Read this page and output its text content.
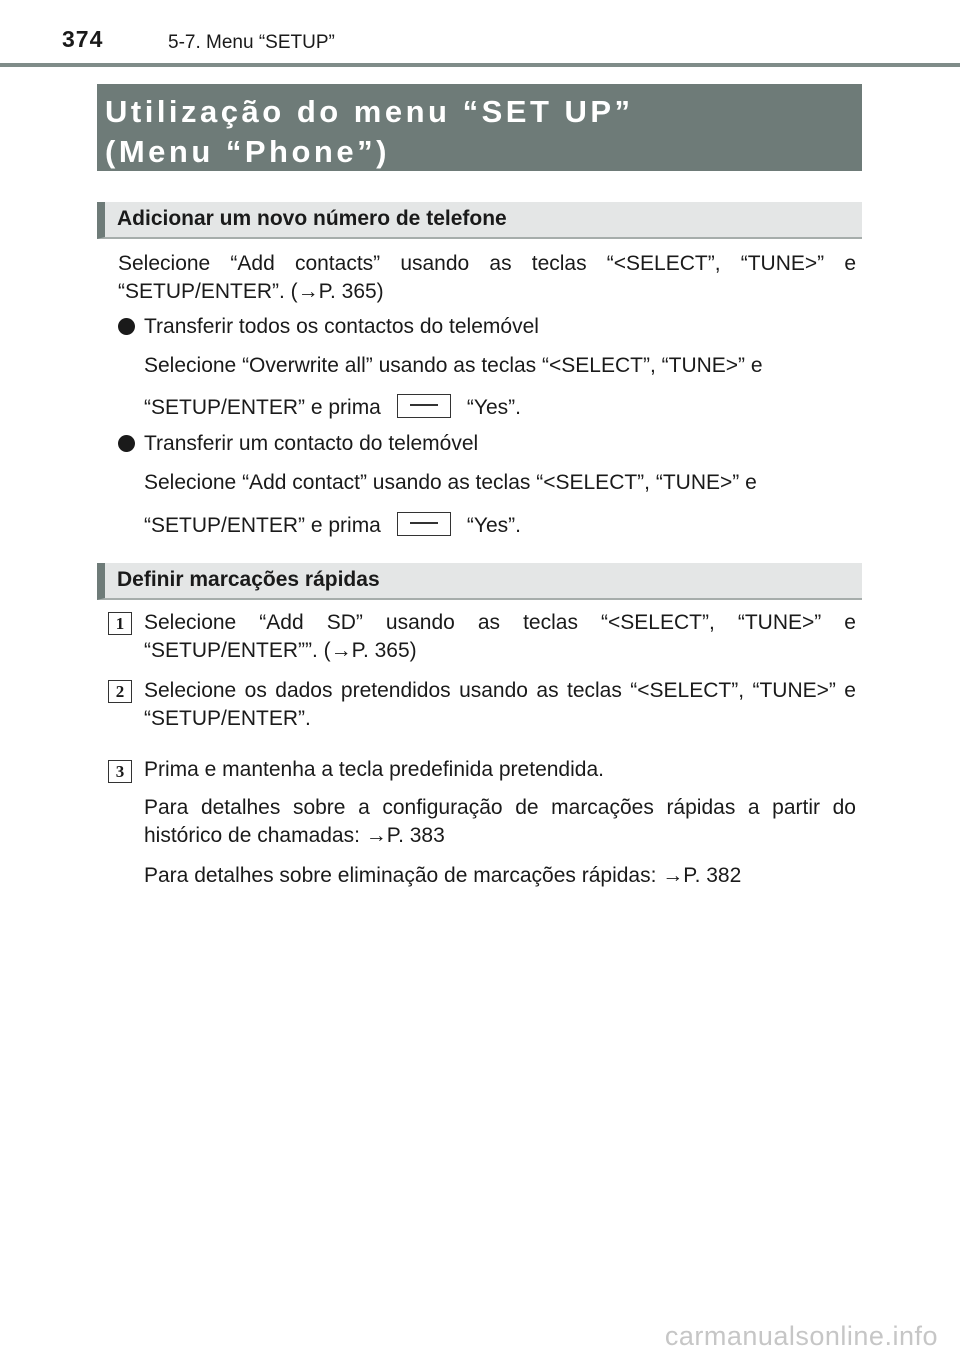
374	5-7. Menu “SETUP”
Utilização do menu “SET UP”
(Menu “Phone”)
Adicionar um novo número de telefone
Selecione “Add contacts” usando as teclas “<SELECT”, “TUNE>” e “SETUP/ENTER”. (→P. 365)
Transferir todos os contactos do telemóvel
Selecione “Overwrite all” usando as teclas “<SELECT”, “TUNE>” e
“SETUP/ENTER” e prima	“Yes”.
Transferir um contacto do telemóvel
Selecione “Add contact” usando as teclas “<SELECT”, “TUNE>” e
“SETUP/ENTER” e prima	“Yes”.
Definir marcações rápidas
1 Selecione “Add SD” usando as teclas “<SELECT”, “TUNE>” e “SETUP/ENTER””. (→P. 365)
2 Selecione os dados pretendidos usando as teclas “<SELECT”, “TUNE>” e “SETUP/ENTER”.
3 Prima e mantenha a tecla predefinida pretendida.
Para detalhes sobre a configuração de marcações rápidas a partir do histórico de chamadas: →P. 383
Para detalhes sobre eliminação de marcações rápidas: →P. 382
carmanualsonline.info
